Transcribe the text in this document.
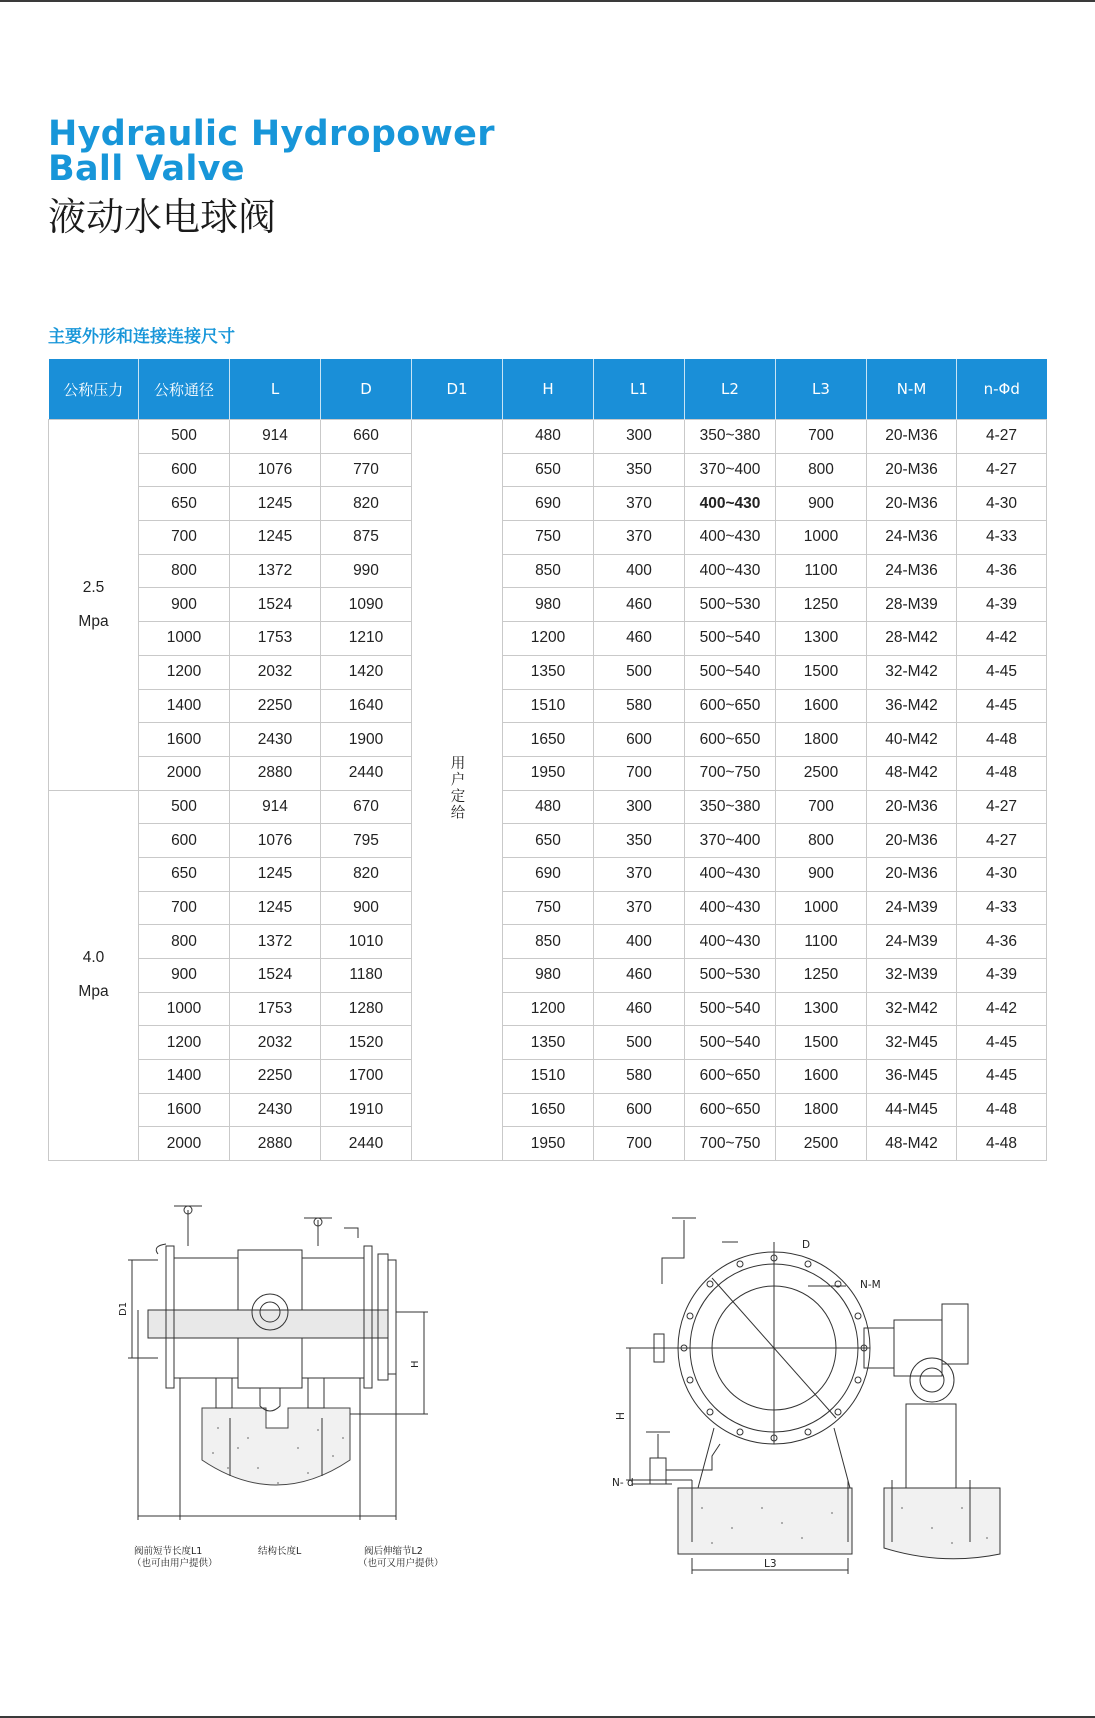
Hydraulic Hydropower
Ball Valve
液动水电球阀
主要外形和连接连接尺寸
公称压力	公称通径	L	D	D1	H	L1	L2	L3	N-M	n-Φd

2.5
Mpa	500	914	660	用户定给	480	300	350~380	700	20-M36	4-27
	600	1076	770		650	350	370~400	800	20-M36	4-27
	650	1245	820		690	370	400~430	900	20-M36	4-30
	700	1245	875		750	370	400~430	1000	24-M36	4-33
	800	1372	990		850	400	400~430	1100	24-M36	4-36
	900	1524	1090		980	460	500~530	1250	28-M39	4-39
	1000	1753	1210		1200	460	500~540	1300	28-M42	4-42
	1200	2032	1420		1350	500	500~540	1500	32-M42	4-45
	1400	2250	1640		1510	580	600~650	1600	36-M42	4-45
	1600	2430	1900		1650	600	600~650	1800	40-M42	4-48
	2000	2880	2440		1950	700	700~750	2500	48-M42	4-48

4.0
Mpa	500	914	670		480	300	350~380	700	20-M36	4-27
	600	1076	795		650	350	370~400	800	20-M36	4-27
	650	1245	820		690	370	400~430	900	20-M36	4-30
	700	1245	900		750	370	400~430	1000	24-M39	4-33
	800	1372	1010		850	400	400~430	1100	24-M39	4-36
	900	1524	1180		980	460	500~530	1250	32-M39	4-39
	1000	1753	1280		1200	460	500~540	1300	32-M42	4-42
	1200	2032	1520		1350	500	500~540	1500	32-M45	4-45
	1400	2250	1700		1510	580	600~650	1600	36-M45	4-45
	1600	2430	1910		1650	600	600~650	1800	44-M45	4-48
	2000	2880	2440		1950	700	700~750	2500	48-M42	4-48
D1
H
阀前短节长度L1
（也可由用户提供）
结构长度L	阀后伸缩节L2
（也可又用户提供）
D
N-M
H
N- d
L3
